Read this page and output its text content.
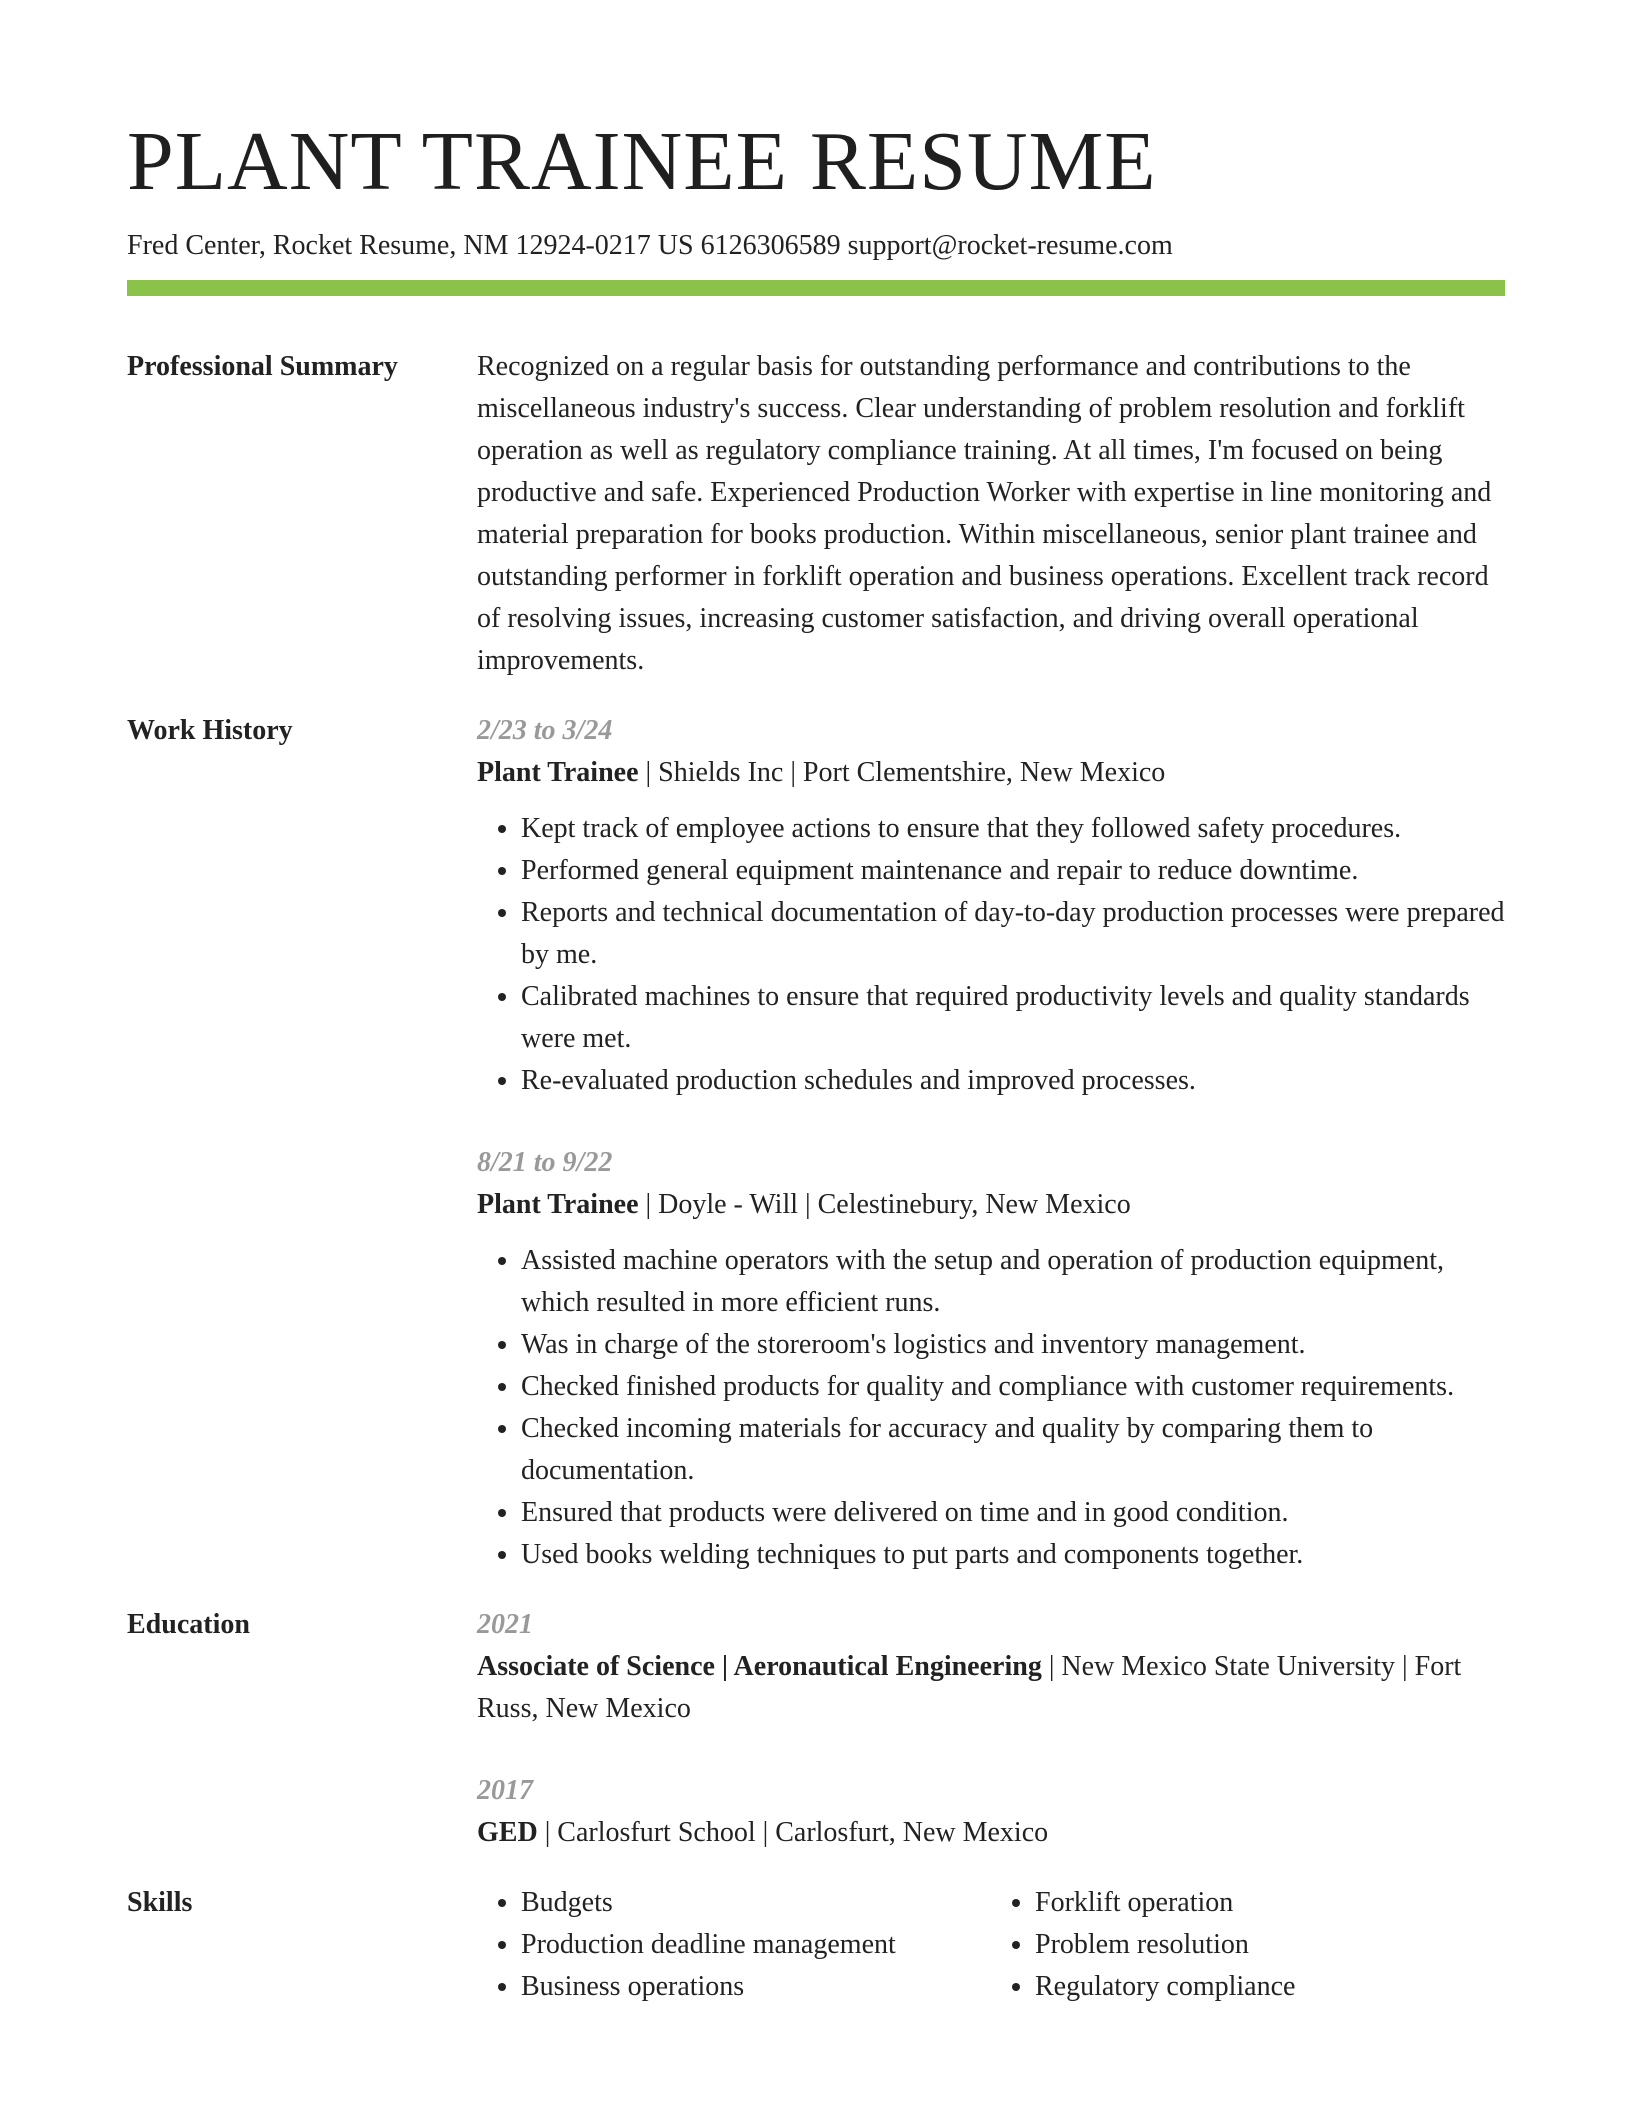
PLANT TRAINEE RESUME
Fred Center, Rocket Resume, NM 12924-0217 US 6126306589 support@rocket-resume.com
Professional Summary	Recognized on a regular basis for outstanding performance and contributions to the miscellaneous industry's success. Clear understanding of problem resolution and forklift operation as well as regulatory compliance training. At all times, I'm focused on being productive and safe. Experienced Production Worker with expertise in line monitoring and material preparation for books production. Within miscellaneous, senior plant trainee and outstanding performer in forklift operation and business operations. Excellent track record of resolving issues, increasing customer satisfaction, and driving overall operational improvements.

Work History	2/23 to 3/24
Plant Trainee | Shields Inc | Port Clementshire, New Mexico
• Kept track of employee actions to ensure that they followed safety procedures.
• Performed general equipment maintenance and repair to reduce downtime.
• Reports and technical documentation of day-to-day production processes were prepared by me.
• Calibrated machines to ensure that required productivity levels and quality standards were met.
• Re-evaluated production schedules and improved processes.
8/21 to 9/22
Plant Trainee | Doyle - Will | Celestinebury, New Mexico
• Assisted machine operators with the setup and operation of production equipment, which resulted in more efficient runs.
• Was in charge of the storeroom's logistics and inventory management.
• Checked finished products for quality and compliance with customer requirements.
• Checked incoming materials for accuracy and quality by comparing them to documentation.
• Ensured that products were delivered on time and in good condition.
• Used books welding techniques to put parts and components together.
Education	2021
Associate of Science | Aeronautical Engineering | New Mexico State University | Fort Russ, New Mexico
2017
GED | Carlosfurt School | Carlosfurt, New Mexico
Skills
•	Budgets
• Production deadline management
• Business operations
• Forklift operation
• Problem resolution
• Regulatory compliance
